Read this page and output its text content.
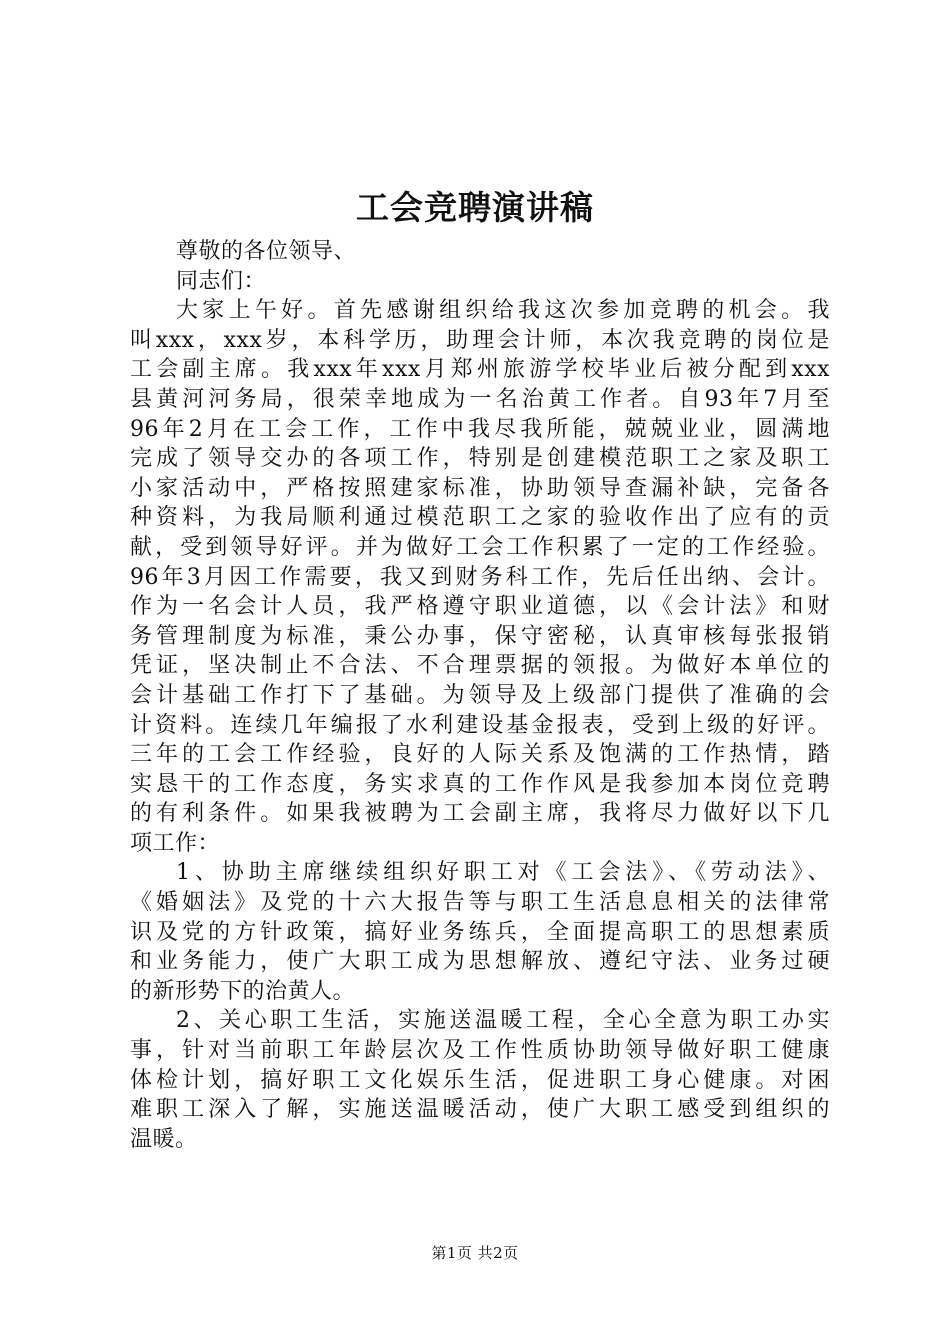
工会竞聘演讲稿
尊敬的各位领导、
同志们：
大家上午好。首先感谢组织给我这次参加竞聘的机会。我
叫xxx，xxx岁，本科学历，助理会计师，本次我竞聘的岗位是
工会副主席。我xxx年xxx月郑州旅游学校毕业后被分配到xxx
县黄河河务局，很荣幸地成为一名治黄工作者。自93年7月至
96年2月在工会工作，工作中我尽我所能，兢兢业业，圆满地
完成了领导交办的各项工作，特别是创建模范职工之家及职工
小家活动中，严格按照建家标准，协助领导查漏补缺，完备各
种资料，为我局顺利通过模范职工之家的验收作出了应有的贡
献，受到领导好评。并为做好工会工作积累了一定的工作经验。
96年3月因工作需要，我又到财务科工作，先后任出纳、会计。
作为一名会计人员，我严格遵守职业道德，以《会计法》和财
务管理制度为标准，秉公办事，保守密秘，认真审核每张报销
凭证，坚决制止不合法、不合理票据的领报。为做好本单位的
会计基础工作打下了基础。为领导及上级部门提供了准确的会
计资料。连续几年编报了水利建设基金报表，受到上级的好评。
三年的工会工作经验，良好的人际关系及饱满的工作热情，踏
实恳干的工作态度，务实求真的工作作风是我参加本岗位竞聘
的有利条件。如果我被聘为工会副主席，我将尽力做好以下几
项工作：
1、协助主席继续组织好职工对《工会法》、《劳动法》、
《婚姻法》及党的十六大报告等与职工生活息息相关的法律常
识及党的方针政策，搞好业务练兵，全面提高职工的思想素质
和业务能力，使广大职工成为思想解放、遵纪守法、业务过硬
的新形势下的治黄人。
2、关心职工生活，实施送温暖工程，全心全意为职工办实
事，针对当前职工年龄层次及工作性质协助领导做好职工健康
体检计划，搞好职工文化娱乐生活，促进职工身心健康。对困
难职工深入了解，实施送温暖活动，使广大职工感受到组织的
温暖。
第1页 共2页
